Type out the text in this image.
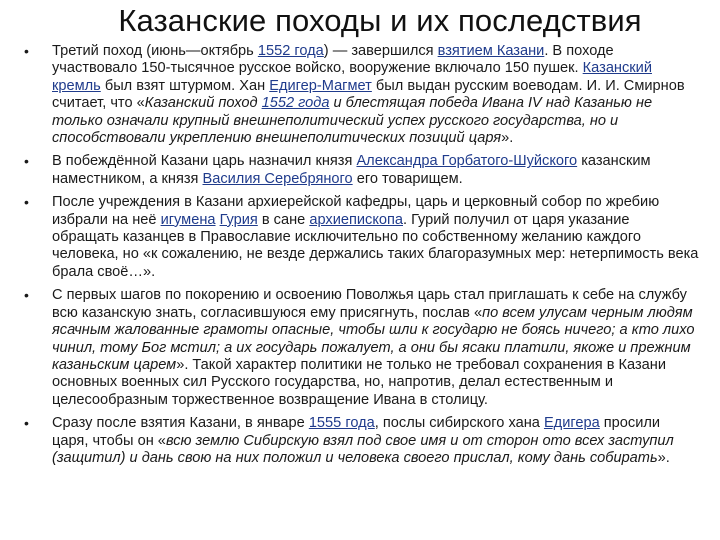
Казанские походы и их последствия
• Третий поход (июнь—октябрь 1552 года) — завершился взятием Казани. В походе участвовало 150-тысячное русское войско, вооружение включало 150 пушек. Казанский кремль был взят штурмом. Хан Едигер-Магмет был выдан русским воеводам. И. И. Смирнов считает, что «Казанский поход 1552 года и блестящая победа Ивана IV над Казанью не только означали крупный внешнеполитический успех русского государства, но и способствовали укреплению внешнеполитических позиций царя».
• В побеждённой Казани царь назначил князя Александра Горбатого-Шуйского казанским наместником, а князя Василия Серебряного его товарищем.
• После учреждения в Казани архиерейской кафедры, царь и церковный собор по жребию избрали на неё игумена Гурия в сане архиепископа. Гурий получил от царя указание обращать казанцев в Православие исключительно по собственному желанию каждого человека, но «к сожалению, не везде держались таких благоразумных мер: нетерпимость века брала своё…».
• С первых шагов по покорению и освоению Поволжья царь стал приглашать к себе на службу всю казанскую знать, согласившуюся ему присягнуть, послав «по всем улусам черным людям ясачным жалованные грамоты опасные, чтобы шли к государю не боясь ничего; а кто лихо чинил, тому Бог мстил; а их государь пожалует, а они бы ясаки платили, якоже и прежним казаньским царем». Такой характер политики не только не требовал сохранения в Казани основных военных сил Русского государства, но, напротив, делал естественным и целесообразным торжественное возвращение Ивана в столицу.
• Сразу после взятия Казани, в январе 1555 года, послы сибирского хана Едигера просили царя, чтобы он «всю землю Сибирскую взял под свое имя и от сторон ото всех заступил (защитил) и дань свою на них положил и человека своего прислал, кому дань собирать».
